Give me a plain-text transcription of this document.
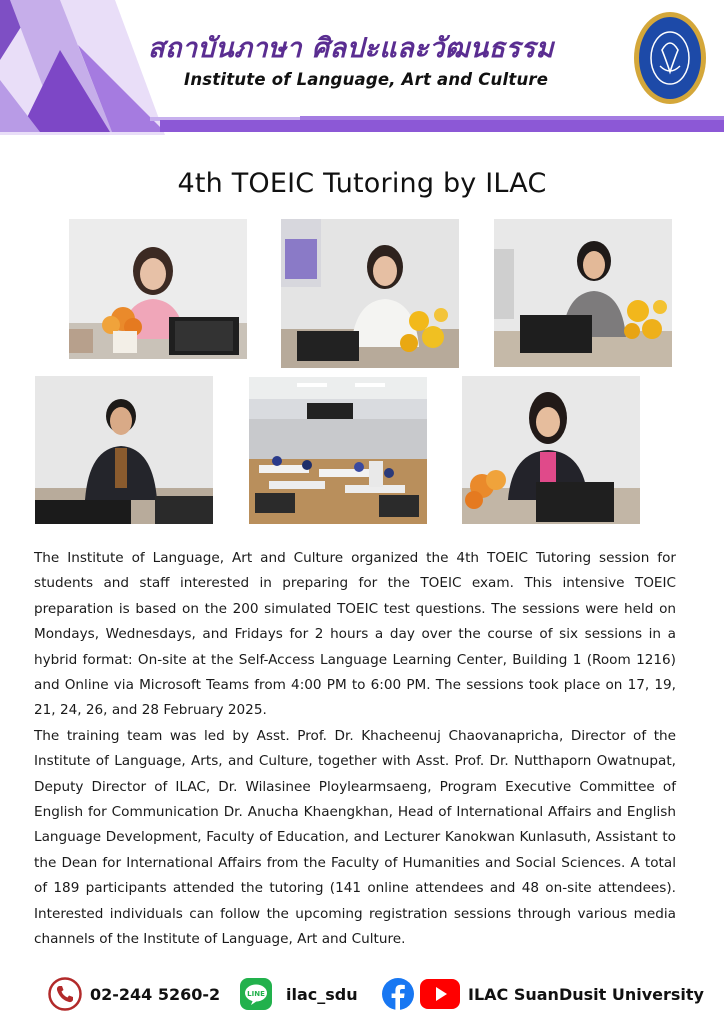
สถาบันภาษา ศิลปะและวัฒนธรรม
Institute of Language, Art and Culture
4th TOEIC Tutoring by ILAC

The Institute of Language, Art and Culture organized the 4th TOEIC Tutoring session for students and staff interested in preparing for the TOEIC exam. This intensive TOEIC preparation is based on the 200 simulated TOEIC test questions. The sessions were held on Mondays, Wednesdays, and Fridays for 2 hours a day over the course of six sessions in a hybrid format: On-site at the Self-Access Language Learning Center, Building 1 (Room 1216) and Online via Microsoft Teams from 4:00 PM to 6:00 PM. The sessions took place on 17, 19, 21, 24, 26, and 28 February 2025.

The training team was led by Asst. Prof. Dr. Khacheenuj Chaovanapricha, Director of the Institute of Language, Arts, and Culture, together with Asst. Prof. Dr. Nutthaporn Owatnupat, Deputy Director of ILAC, Dr. Wilasinee Ploylearmsaeng, Program Executive Committee of English for Communication Dr. Anucha Khaengkhan, Head of International Affairs and English Language Development, Faculty of Education, and Lecturer Kanokwan Kunlasuth, Assistant to the Dean for International Affairs from the Faculty of Humanities and Social Sciences. A total of 189 participants attended the tutoring (141 online attendees and 48 on-site attendees). Interested individuals can follow the upcoming registration sessions through various media channels of the Institute of Language, Art and Culture.

02-244 5260-2	LINE ilac_sdu	ILAC SuanDusit University
